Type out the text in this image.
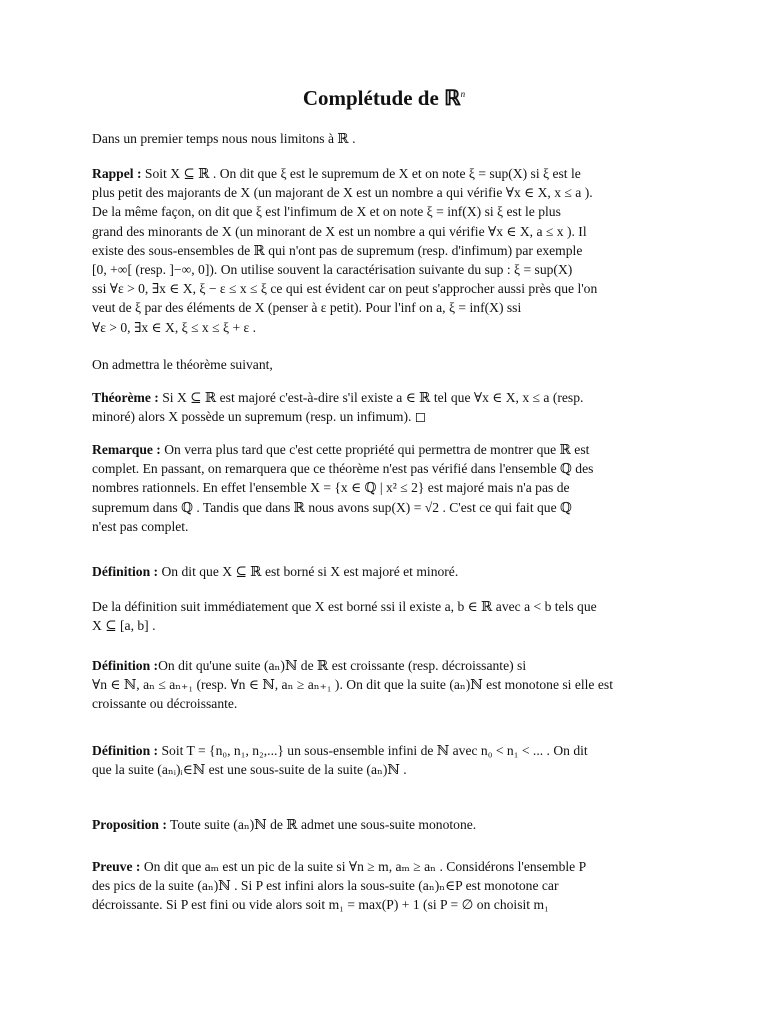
Complétude de ℝ$^n$
Dans un premier temps nous nous limitons à ℝ .
Rappel : Soit X ⊆ ℝ . On dit que ξ est le supremum de X et on note ξ = sup(X) si ξ est le
plus petit des majorants de X (un majorant de X est un nombre a qui vérifie ∀x ∈ X, x ≤ a ).
De la même façon, on dit que ξ est l'infimum de X et on note ξ = inf(X) si ξ est le plus
grand des minorants de X (un minorant de X est un nombre a qui vérifie ∀x ∈ X, a ≤ x ). Il
existe des sous-ensembles de ℝ qui n'ont pas de supremum (resp. d'infimum) par exemple
[0, +∞[ (resp. ]−∞, 0]). On utilise souvent la caractérisation suivante du sup : ξ = sup(X)
ssi ∀ε > 0, ∃x ∈ X, ξ − ε ≤ x ≤ ξ ce qui est évident car on peut s'approcher aussi près que l'on
veut de ξ par des éléments de X (penser à ε petit). Pour l'inf on a, ξ = inf(X) ssi
∀ε > 0, ∃x ∈ X, ξ ≤ x ≤ ξ + ε .
On admettra le théorème suivant,
Théorème : Si X ⊆ ℝ est majoré c'est-à-dire s'il existe a ∈ ℝ tel que ∀x ∈ X, x ≤ a (resp.
minoré) alors X possède un supremum (resp. un infimum). ◻
Remarque : On verra plus tard que c'est cette propriété qui permettra de montrer que ℝ est
complet. En passant, on remarquera que ce théorème n'est pas vérifié dans l'ensemble ℚ des
nombres rationnels. En effet l'ensemble X = {x ∈ ℚ | x² ≤ 2} est majoré mais n'a pas de
supremum dans ℚ . Tandis que dans ℝ nous avons sup(X) = √2 . C'est ce qui fait que ℚ
n'est pas complet.
Définition : On dit que X ⊆ ℝ est borné si X est majoré et minoré.
De la définition suit immédiatement que X est borné ssi il existe a, b ∈ ℝ avec a < b tels que
X ⊆ [a, b] .
Définition :On dit qu'une suite (aₙ)ℕ de ℝ est croissante (resp. décroissante) si
∀n ∈ ℕ, aₙ ≤ aₙ₊₁ (resp. ∀n ∈ ℕ, aₙ ≥ aₙ₊₁ ). On dit que la suite (aₙ)ℕ est monotone si elle est
croissante ou décroissante.
Définition : Soit T = {n₀, n₁, n₂,...} un sous-ensemble infini de ℕ avec n₀ < n₁ < ... . On dit
que la suite (aₙᵢ)ᵢ∈ℕ est une sous-suite de la suite (aₙ)ℕ .
Proposition : Toute suite (aₙ)ℕ de ℝ admet une sous-suite monotone.
Preuve : On dit que aₘ est un pic de la suite si ∀n ≥ m, aₘ ≥ aₙ . Considérons l'ensemble P
des pics de la suite (aₙ)ℕ . Si P est infini alors la sous-suite (aₙ)ₙ∈P est monotone car
décroissante. Si P est fini ou vide alors soit m₁ = max(P) + 1 (si P = ∅ on choisit m₁
